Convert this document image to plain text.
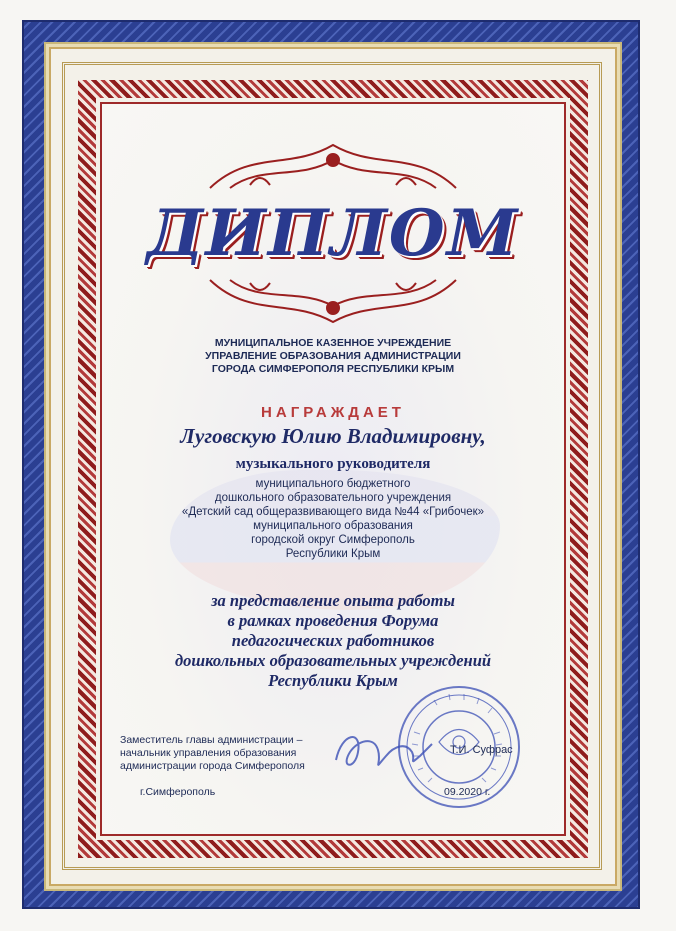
ДИПЛОМ
МУНИЦИПАЛЬНОЕ КАЗЕННОЕ УЧРЕЖДЕНИЕ
УПРАВЛЕНИЕ ОБРАЗОВАНИЯ АДМИНИСТРАЦИИ
ГОРОДА СИМФЕРОПОЛЯ РЕСПУБЛИКИ КРЫМ
НАГРАЖДАЕТ
Луговскую Юлию Владимировну,
музыкального руководителя
муниципального бюджетного
дошкольного образовательного учреждения
«Детский сад общеразвивающего вида №44 «Грибочек»
муниципального образования
городской округ Симферополь
Республики Крым
за представление опыта работы
в рамках проведения Форума
педагогических работников
дошкольных образовательных учреждений
Республики Крым
Заместитель главы администрации –
начальник управления образования
администрации города Симферополя
Т.И. Суфрас
г.Симферополь	09.2020 г.
